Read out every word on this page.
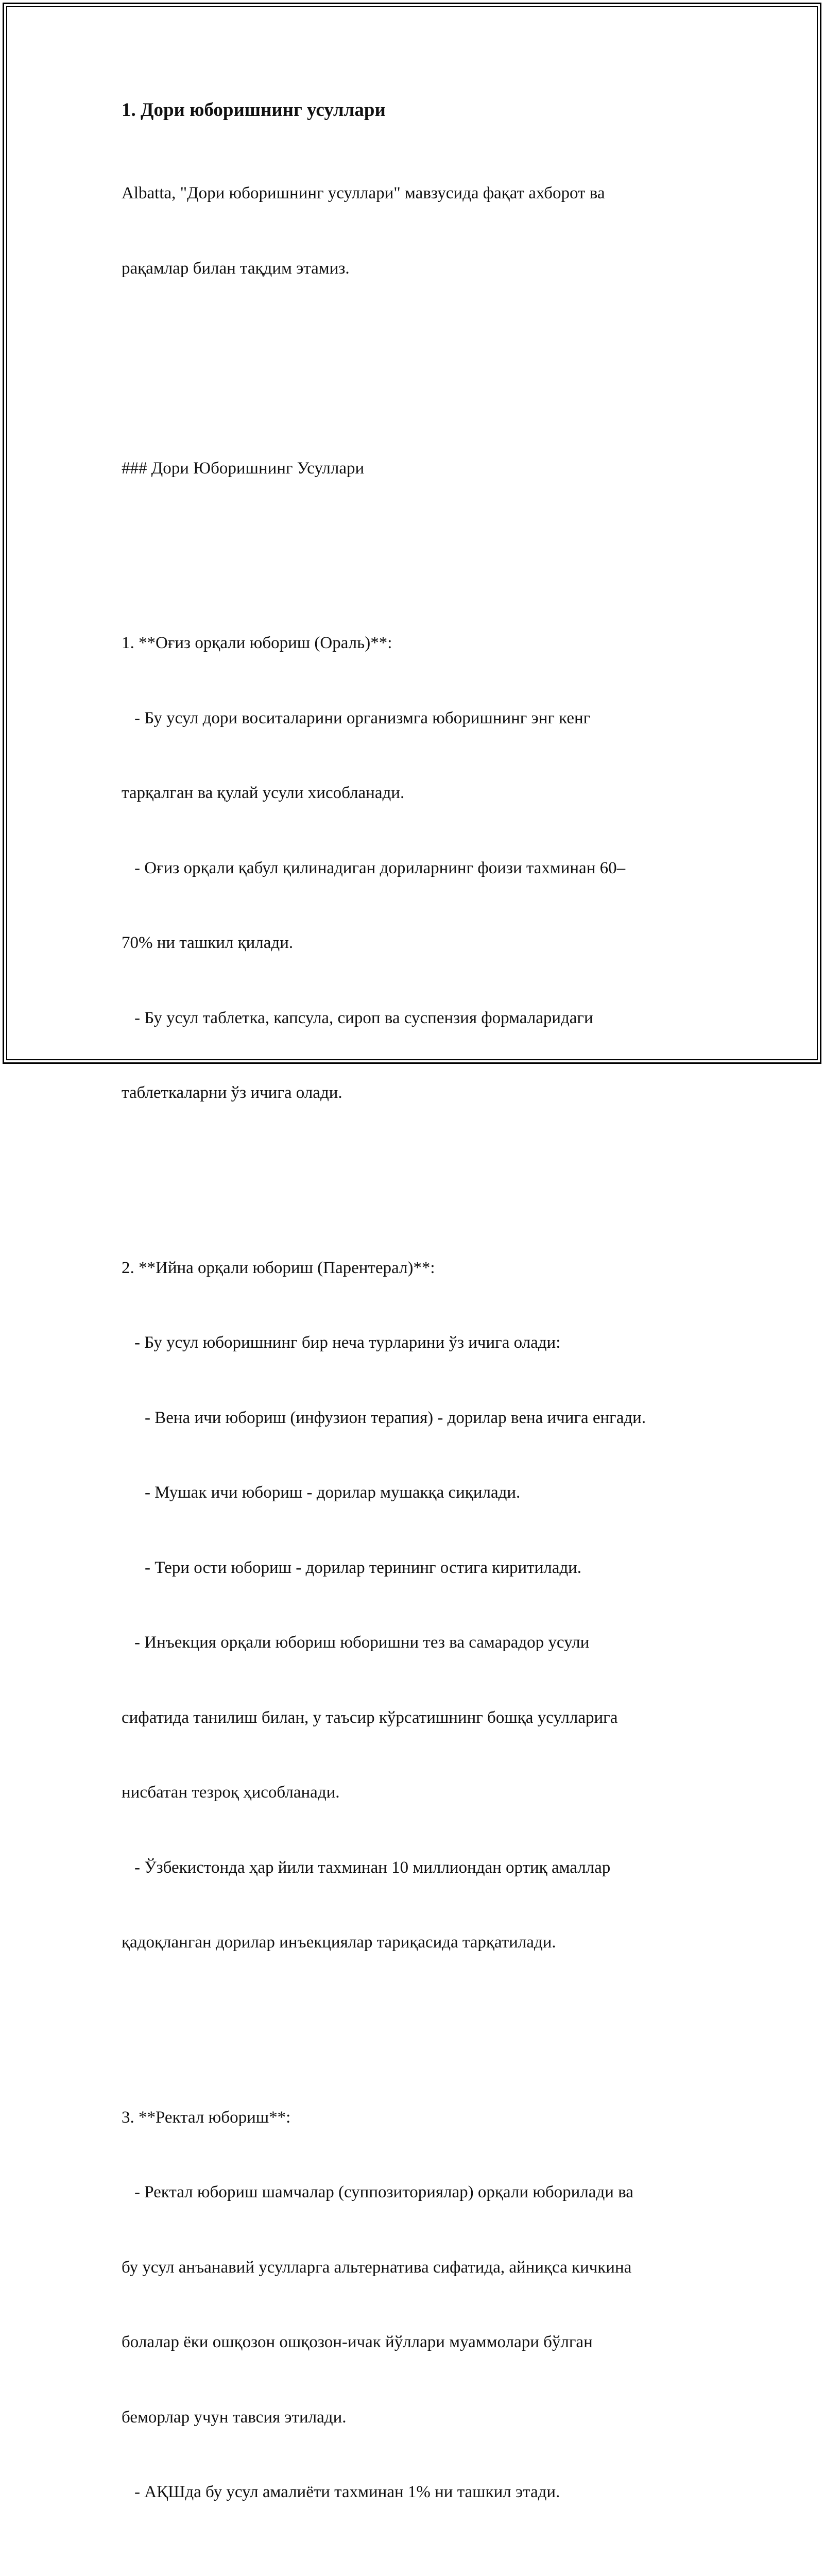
1. Дори юборишнинг усуллари

Albatta, "Дори юборишнинг усуллари" мавзусида фақат ахборот ва

рақамлар билан тақдим этамиз.

### Дори Юборишнинг Усуллари

1. **Оғиз орқали юбориш (Ораль)**:

- Бу усул дори воситаларини организмга юборишнинг энг кенг

тарқалган ва қулай усули хисобланади.

- Оғиз орқали қабул қилинадиган дориларнинг фоизи тахминан 60–

70% ни ташкил қилади.

- Бу усул таблетка, капсула, сироп ва суспензия формаларидаги

таблеткаларни ўз ичига олади.

2. **Ийна орқали юбориш (Парентерал)**:

- Бу усул юборишнинг бир неча турларини ўз ичига олади:

- Вена ичи юбориш (инфузион терапия) - дорилар вена ичига енгади.

- Мушак ичи юбориш - дорилар мушакқа сиқилади.

- Тери ости юбориш - дорилар терининг остига киритилади.

- Инъекция орқали юбориш юборишни тез ва самарадор усули

сифатида танилиш билан, у таъсир кўрсатишнинг бошқа усулларига

нисбатан тезроқ ҳисобланади.

- Ўзбекистонда ҳар йили тахминан 10 миллиондан ортиқ амаллар

қадоқланган дорилар инъекциялар тариқасида тарқатилади.

3. **Ректал юбориш**:

- Ректал юбориш шамчалар (суппозиториялар) орқали юборилади ва

бу усул анъанавий усулларга альтернатива сифатида, айниқса кичкина

болалар ёки ошқозон ошқозон-ичак йўллари муаммолари бўлган

беморлар учун тавсия этилади.

- АҚШда бу усул амалиёти тахминан 1% ни ташкил этади.
